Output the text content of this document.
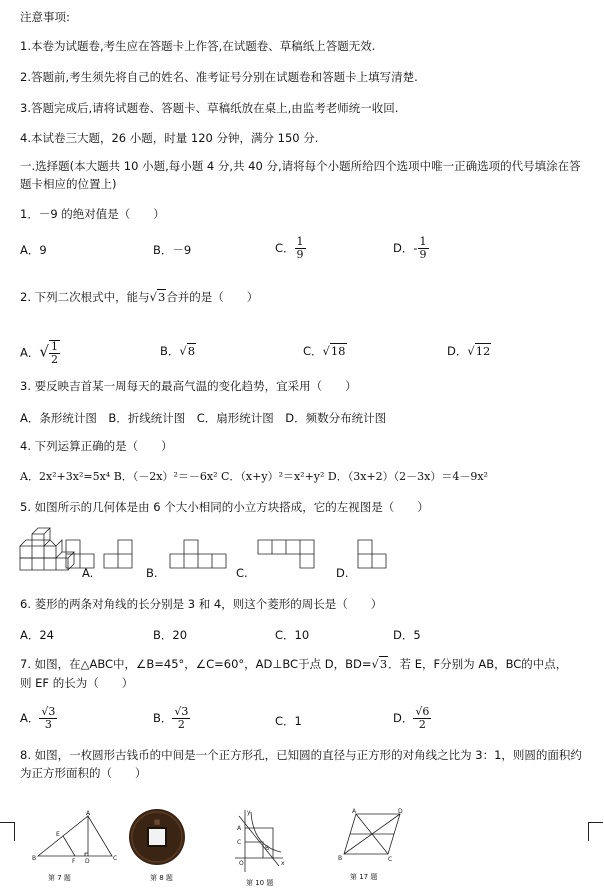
注意事项:
1.本卷为试题卷,考生应在答题卡上作答,在试题卷、草稿纸上答题无效.
2.答题前,考生须先将自己的姓名、准考证号分别在试题卷和答题卡上填写清楚.
3.答题完成后,请将试题卷、答题卡、草稿纸放在桌上,由监考老师统一收回.
4.本试卷三大题，26 小题，时量 120 分钟，满分 150 分.
一.选择题(本大题共 10 小题,每小题 4 分,共 40 分,请将每个小题所给四个选项中唯一正确选项的代号填涂在答题卡相应的位置上)
1．－9 的绝对值是（　　）
A．9	B．－9	C． $\frac{1}{9}$	D．- $\frac{1}{9}$
2. 下列二次根式中，能与√3合并的是（　　）
A．√ $\frac{1}{2}$	B．√8	C．√18	D．√12
3. 要反映吉首某一周每天的最高气温的变化趋势，宜采用（　　）
A．条形统计图　B．折线统计图　C．扇形统计图　D．频数分布统计图
4. 下列运算正确的是（　　）
A．2x²+3x²=5x⁴ B．（－2x）²＝－6x² C．（x+y）²＝x²+y² D．（3x+2）（2－3x）＝4－9x²
5. 如图所示的几何体是由 6 个大小相同的小立方块搭成，它的左视图是（　　）
A.	B.	C.	D.
6. 菱形的两条对角线的长分别是 3 和 4，则这个菱形的周长是（　　）
A．24	B．20	C．10	D．5
7. 如图，在△ABC中，∠B=45°，∠C=60°，AD⊥BC于点 D，BD=√3．若 E，F分别为 AB，BC的中点，
则 EF 的长为（　　）
A． $\frac{√3}{3}$	B． $\frac{√3}{2}$	C．1	D． $\frac{√6}{2}$
8. 如图，一枚圆形古钱币的中间是一个正方形孔，已知圆的直径与正方形的对角线之比为 3：1，则圆的面积约为正方形面积的（　　）
A
E
B	D
F	C
第 7 题
■
第 8 题
y
x
O
A
C
B
第 10 题
A	D
B	C
第 17 题
